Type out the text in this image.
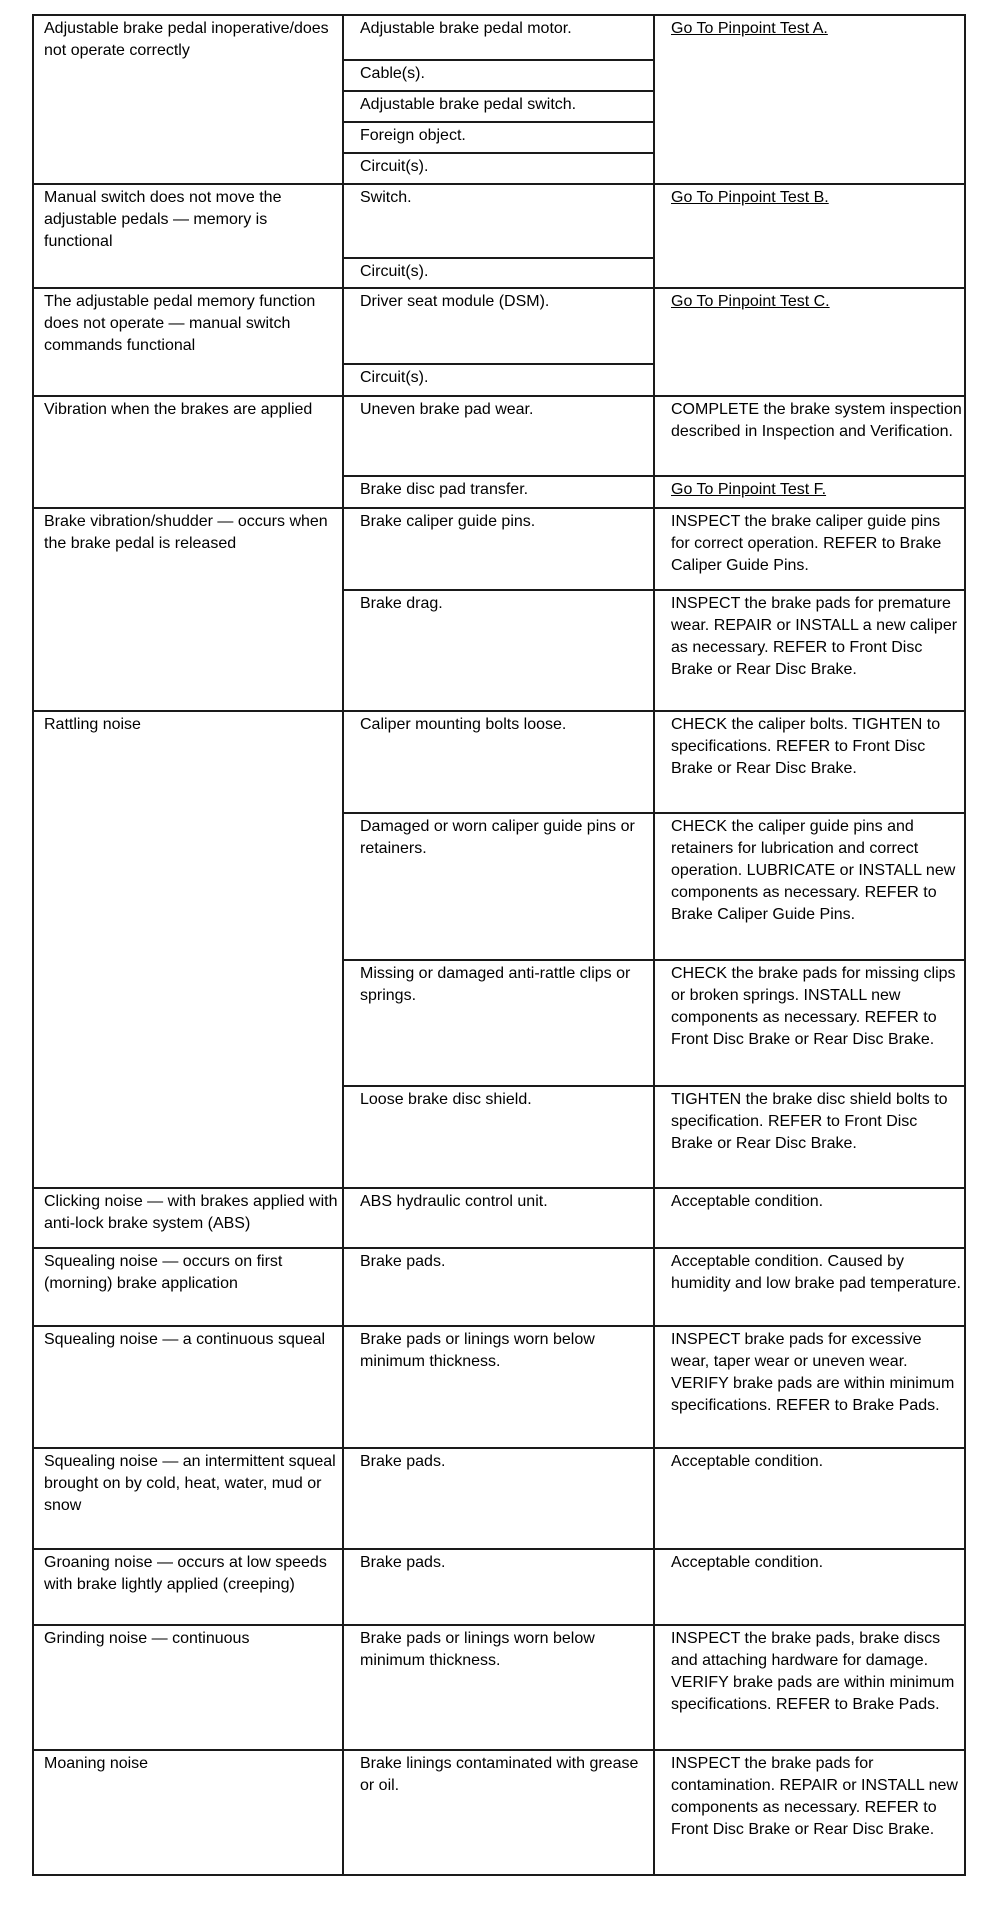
Adjustable brake pedal inoperative/does not operate correctly	Adjustable brake pedal motor.	Go To Pinpoint Test A.
	Cable(s).	
	Adjustable brake pedal switch.	
	Foreign object.	
	Circuit(s).	
Manual switch does not move the adjustable pedals — memory is functional	Switch.	Go To Pinpoint Test B.
	Circuit(s).	
The adjustable pedal memory function does not operate — manual switch commands functional	Driver seat module (DSM).	Go To Pinpoint Test C.
	Circuit(s).	
Vibration when the brakes are applied	Uneven brake pad wear.	COMPLETE the brake system inspection described in Inspection and Verification.
	Brake disc pad transfer.	Go To Pinpoint Test F.
Brake vibration/shudder — occurs when the brake pedal is released	Brake caliper guide pins.	INSPECT the brake caliper guide pins for correct operation. REFER to Brake Caliper Guide Pins.
	Brake drag.	INSPECT the brake pads for premature wear. REPAIR or INSTALL a new caliper as necessary. REFER to Front Disc Brake or Rear Disc Brake.
Rattling noise	Caliper mounting bolts loose.	CHECK the caliper bolts. TIGHTEN to specifications. REFER to Front Disc Brake or Rear Disc Brake.
	Damaged or worn caliper guide pins or retainers.	CHECK the caliper guide pins and retainers for lubrication and correct operation. LUBRICATE or INSTALL new components as necessary. REFER to Brake Caliper Guide Pins.
	Missing or damaged anti-rattle clips or springs.	CHECK the brake pads for missing clips or broken springs. INSTALL new components as necessary. REFER to Front Disc Brake or Rear Disc Brake.
	Loose brake disc shield.	TIGHTEN the brake disc shield bolts to specification. REFER to Front Disc Brake or Rear Disc Brake.
Clicking noise — with brakes applied with anti-lock brake system (ABS)	ABS hydraulic control unit.	Acceptable condition.
Squealing noise — occurs on first (morning) brake application	Brake pads.	Acceptable condition. Caused by humidity and low brake pad temperature.
Squealing noise — a continuous squeal	Brake pads or linings worn below minimum thickness.	INSPECT brake pads for excessive wear, taper wear or uneven wear. VERIFY brake pads are within minimum specifications. REFER to Brake Pads.
Squealing noise — an intermittent squeal brought on by cold, heat, water, mud or snow	Brake pads.	Acceptable condition.
Groaning noise — occurs at low speeds with brake lightly applied (creeping)	Brake pads.	Acceptable condition.
Grinding noise — continuous	Brake pads or linings worn below minimum thickness.	INSPECT the brake pads, brake discs and attaching hardware for damage. VERIFY brake pads are within minimum specifications. REFER to Brake Pads.
Moaning noise	Brake linings contaminated with grease or oil.	INSPECT the brake pads for contamination. REPAIR or INSTALL new components as necessary. REFER to Front Disc Brake or Rear Disc Brake.
